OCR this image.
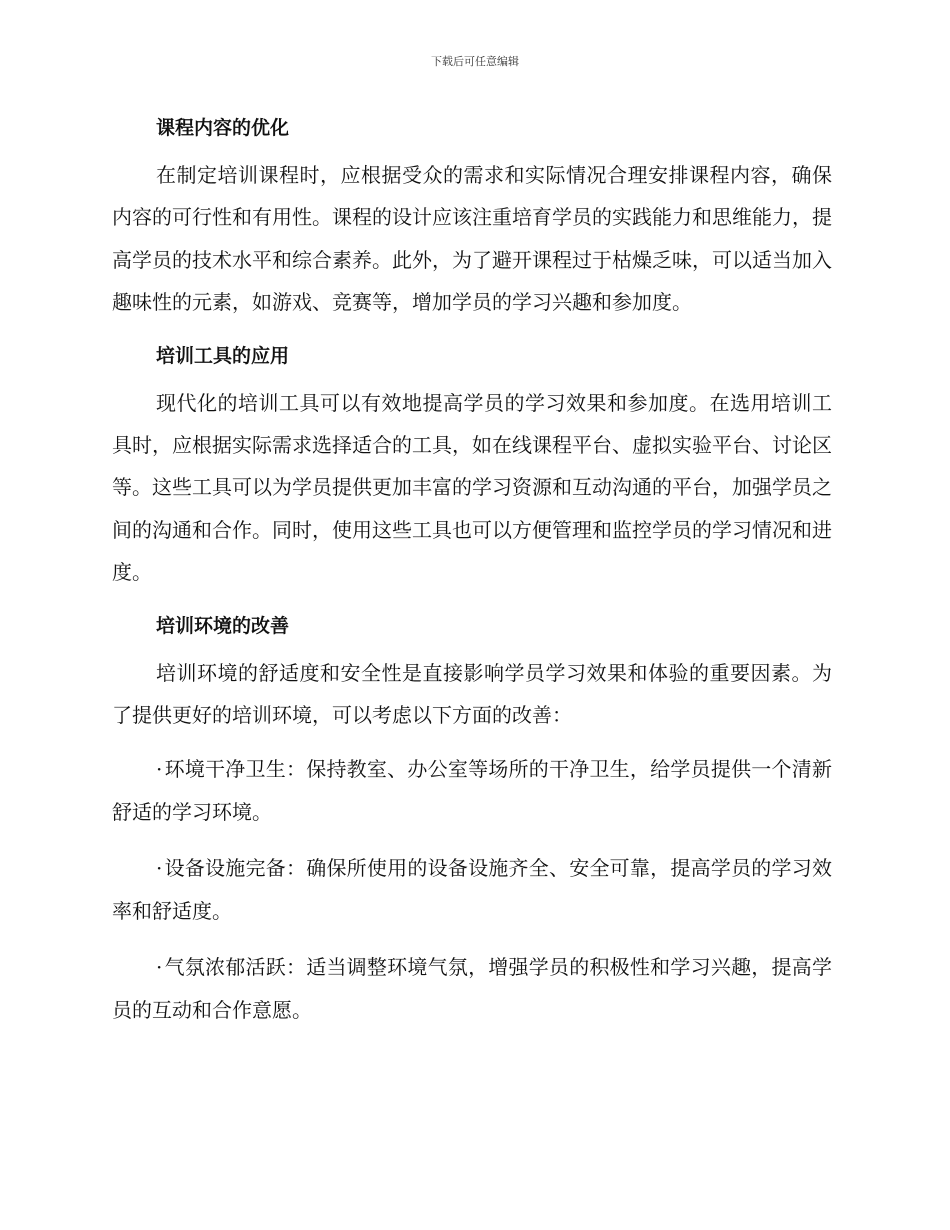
下载后可任意编辑
课程内容的优化

在制定培训课程时，应根据受众的需求和实际情况合理安排课程内容，确保内容的可行性和有用性。课程的设计应该注重培育学员的实践能力和思维能力，提高学员的技术水平和综合素养。此外，为了避开课程过于枯燥乏味，可以适当加入趣味性的元素，如游戏、竞赛等，增加学员的学习兴趣和参加度。

培训工具的应用

现代化的培训工具可以有效地提高学员的学习效果和参加度。在选用培训工具时，应根据实际需求选择适合的工具，如在线课程平台、虚拟实验平台、讨论区等。这些工具可以为学员提供更加丰富的学习资源和互动沟通的平台，加强学员之间的沟通和合作。同时，使用这些工具也可以方便管理和监控学员的学习情况和进度。

培训环境的改善

培训环境的舒适度和安全性是直接影响学员学习效果和体验的重要因素。为了提供更好的培训环境，可以考虑以下方面的改善：

· 环境干净卫生：保持教室、办公室等场所的干净卫生，给学员提供一个清新舒适的学习环境。

· 设备设施完备：确保所使用的设备设施齐全、安全可靠，提高学员的学习效率和舒适度。

· 气氛浓郁活跃：适当调整环境气氛，增强学员的积极性和学习兴趣，提高学员的互动和合作意愿。
